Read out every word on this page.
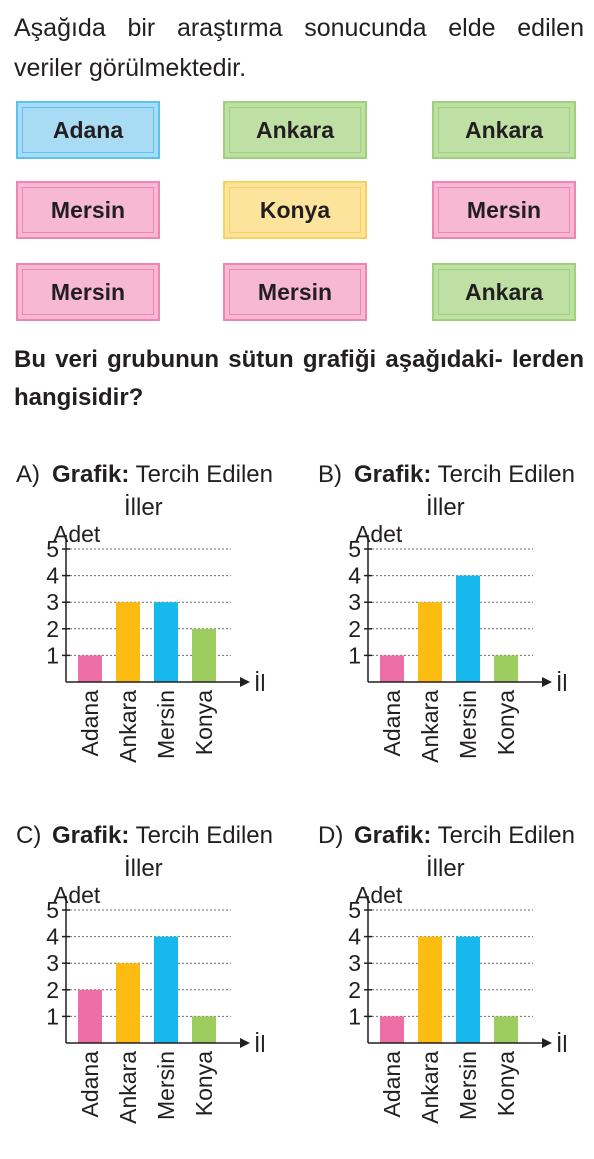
Aşağıda bir araştırma sonucunda elde edilen veriler görülmektedir.

Adana	Ankara	Ankara
Mersin	Konya	Mersin
Mersin	Mersin	Ankara

Bu veri grubunun sütun grafiği aşağıdaki- lerden hangisidir?

1
2
3
4
5
Adet
İl
Adana Ankara Mersin Konya
A) Grafik: Tercih Edilen
İller
1
2
3
4
5
Adet
İl
Adana Ankara Mersin Konya
B) Grafik: Tercih Edilen
İller
1
2
3
4
5
Adet
İl
Adana Ankara Mersin Konya
C) Grafik: Tercih Edilen
İller
1
2
3
4
5
Adet
İl
Adana Ankara Mersin Konya
D) Grafik: Tercih Edilen
İller
